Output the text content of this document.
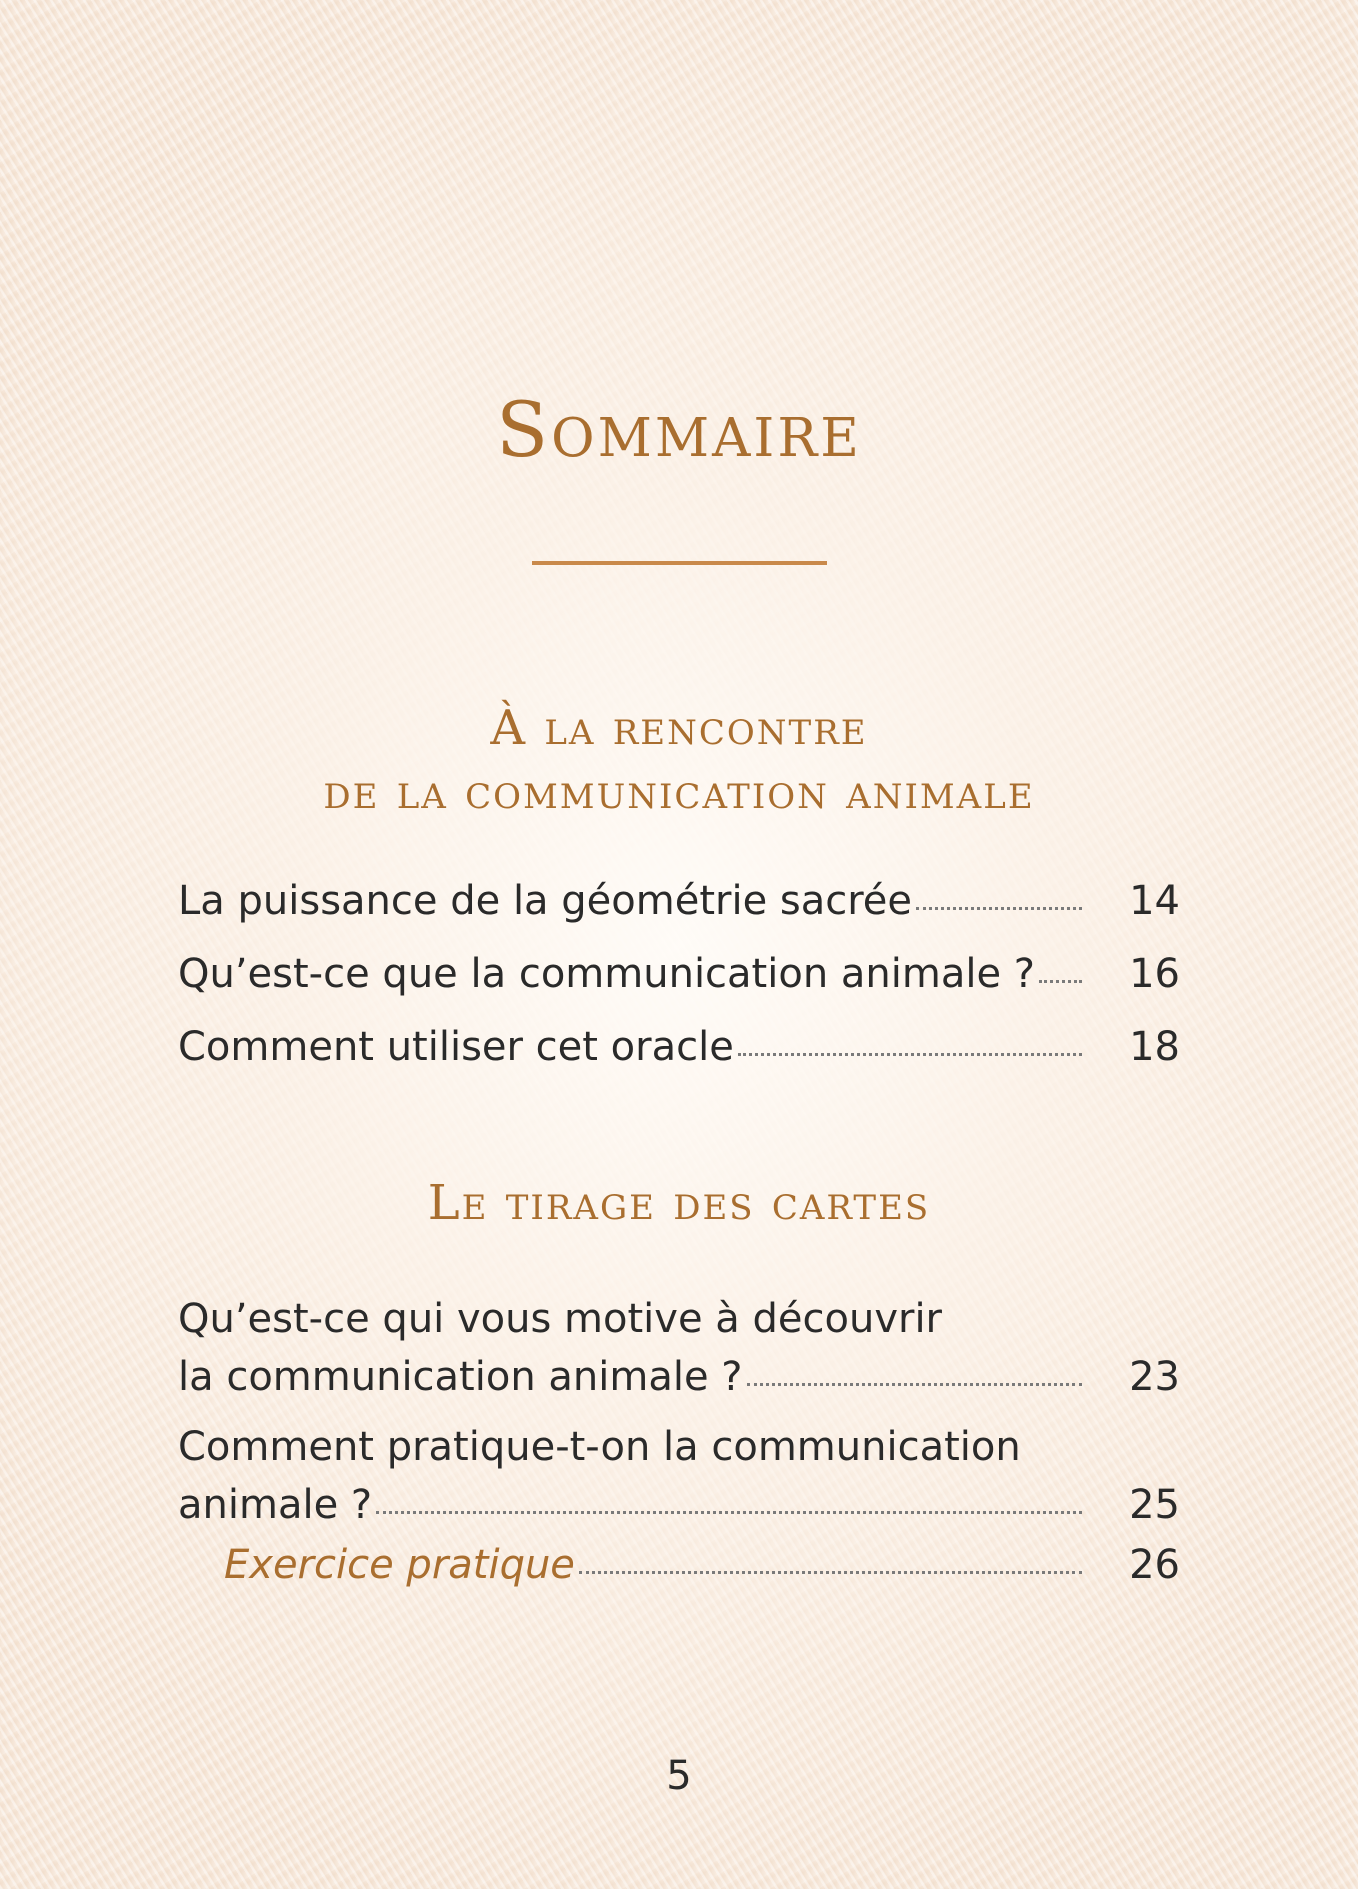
Sommaire
À la rencontre
de la communication animale
La puissance de la géométrie sacrée	14
Qu’est-ce que la communication animale ?	16
Comment utiliser cet oracle	18
Le tirage des cartes
Qu’est-ce qui vous motive à découvrir
la communication animale ?	23
Comment pratique-t-on la communication
animale ?	25
Exercice pratique	26
5
